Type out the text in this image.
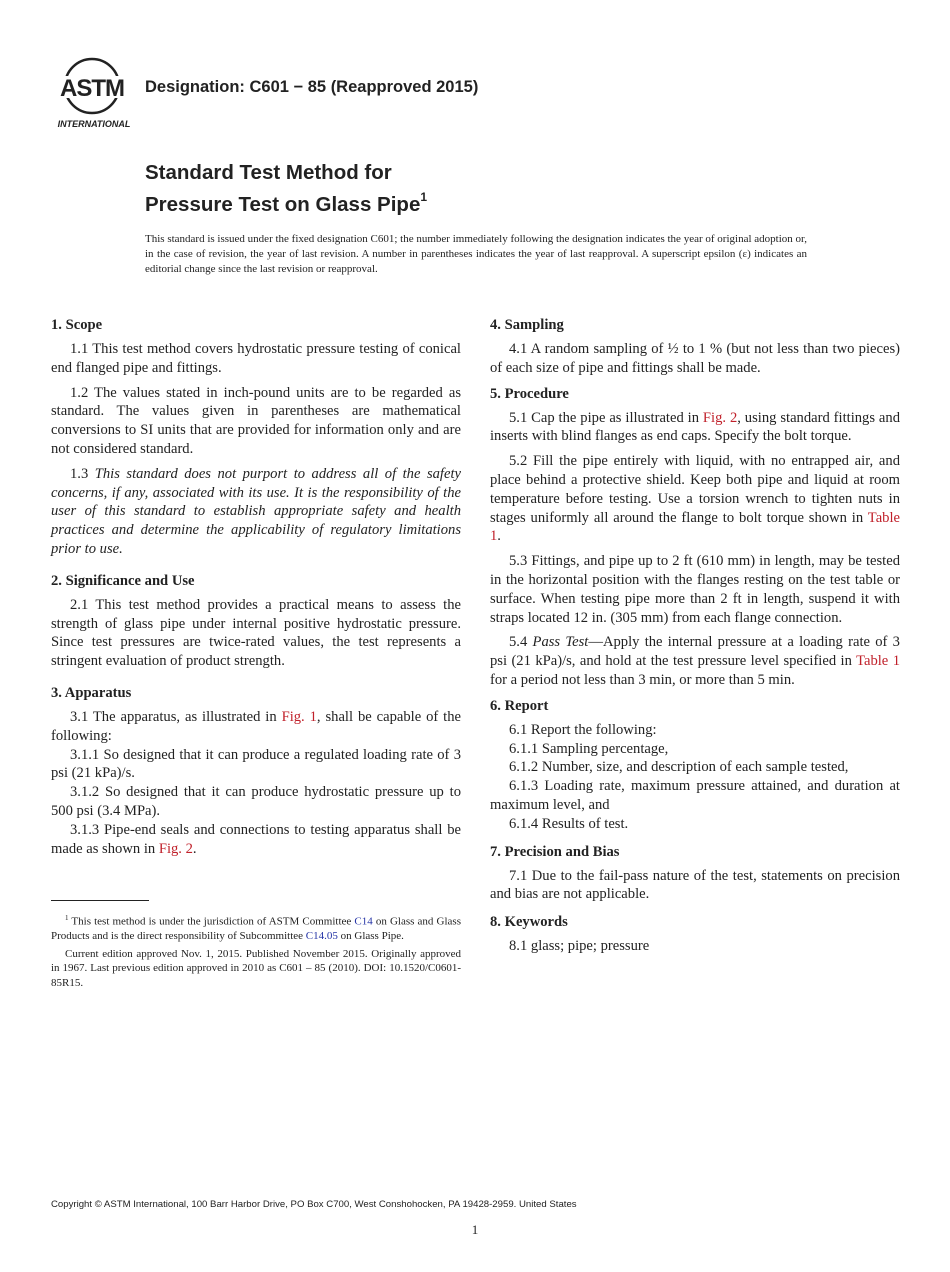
ASTM
INTERNATIONAL
Designation: C601 − 85 (Reapproved 2015)
Standard Test Method for
Pressure Test on Glass Pipe$^1$
This standard is issued under the fixed designation C601; the number immediately following the designation indicates the year of original adoption or, in the case of revision, the year of last revision. A number in parentheses indicates the year of last reapproval. A superscript epsilon (ε) indicates an editorial change since the last revision or reapproval.
1. Scope

1.1 This test method covers hydrostatic pressure testing of conical end flanged pipe and fittings.

1.2 The values stated in inch-pound units are to be regarded as standard. The values given in parentheses are mathematical conversions to SI units that are provided for information only and are not considered standard.

1.3 This standard does not purport to address all of the safety concerns, if any, associated with its use. It is the responsibility of the user of this standard to establish appropriate safety and health practices and determine the applicability of regulatory limitations prior to use.

2. Significance and Use

2.1 This test method provides a practical means to assess the strength of glass pipe under internal positive hydrostatic pressure. Since test pressures are twice-rated values, the test represents a stringent evaluation of product strength.

3. Apparatus

3.1 The apparatus, as illustrated in Fig. 1, shall be capable of the following:

3.1.1 So designed that it can produce a regulated loading rate of 3 psi (21 kPa)/s.

3.1.2 So designed that it can produce hydrostatic pressure up to 500 psi (3.4 MPa).

3.1.3 Pipe-end seals and connections to testing apparatus shall be made as shown in Fig. 2.

$^1$ This test method is under the jurisdiction of ASTM Committee C14 on Glass and Glass Products and is the direct responsibility of Subcommittee C14.05 on Glass Pipe.

Current edition approved Nov. 1, 2015. Published November 2015. Originally approved in 1967. Last previous edition approved in 2010 as C601 – 85 (2010). DOI: 10.1520/C0601-85R15.

4. Sampling

4.1 A random sampling of ½ to 1 % (but not less than two pieces) of each size of pipe and fittings shall be made.

5. Procedure

5.1 Cap the pipe as illustrated in Fig. 2, using standard fittings and inserts with blind flanges as end caps. Specify the bolt torque.

5.2 Fill the pipe entirely with liquid, with no entrapped air, and place behind a protective shield. Keep both pipe and liquid at room temperature before testing. Use a torsion wrench to tighten nuts in stages uniformly all around the flange to bolt torque shown in Table 1.

5.3 Fittings, and pipe up to 2 ft (610 mm) in length, may be tested in the horizontal position with the flanges resting on the test table or surface. When testing pipe more than 2 ft in length, suspend it with straps located 12 in. (305 mm) from each flange connection.

5.4 Pass Test—Apply the internal pressure at a loading rate of 3 psi (21 kPa)/s, and hold at the test pressure level specified in Table 1 for a period not less than 3 min, or more than 5 min.

6. Report

6.1 Report the following:

6.1.1 Sampling percentage,

6.1.2 Number, size, and description of each sample tested,

6.1.3 Loading rate, maximum pressure attained, and duration at maximum level, and

6.1.4 Results of test.

7. Precision and Bias

7.1 Due to the fail-pass nature of the test, statements on precision and bias are not applicable.

8. Keywords

8.1 glass; pipe; pressure

Copyright © ASTM International, 100 Barr Harbor Drive, PO Box C700, West Conshohocken, PA 19428-2959. United States
1
